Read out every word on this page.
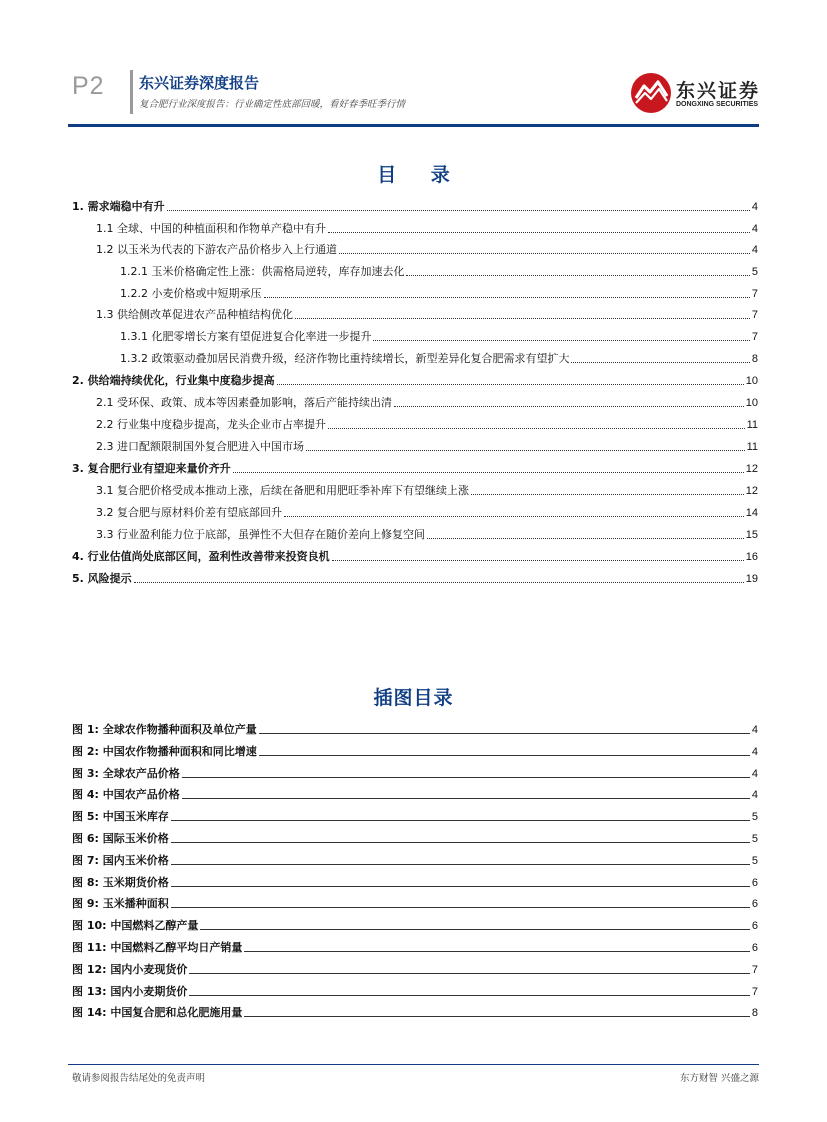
P2 东兴证券深度报告
复合肥行业深度报告：行业确定性底部回暖，看好春季旺季行情
东兴证券
DONGXING SECURITIES
目 录
1. 需求端稳中有升	4
1.1 全球、中国的种植面积和作物单产稳中有升	4
1.2 以玉米为代表的下游农产品价格步入上行通道	4
1.2.1 玉米价格确定性上涨：供需格局逆转，库存加速去化	5
1.2.2 小麦价格或中短期承压	7
1.3 供给侧改革促进农产品种植结构优化	7
1.3.1 化肥零增长方案有望促进复合化率进一步提升	7
1.3.2 政策驱动叠加居民消费升级，经济作物比重持续增长，新型差异化复合肥需求有望扩大	8
2. 供给端持续优化，行业集中度稳步提高	10
2.1 受环保、政策、成本等因素叠加影响，落后产能持续出清	10
2.2 行业集中度稳步提高，龙头企业市占率提升	11
2.3 进口配额限制国外复合肥进入中国市场	11
3. 复合肥行业有望迎来量价齐升	12
3.1 复合肥价格受成本推动上涨，后续在备肥和用肥旺季补库下有望继续上涨	12
3.2 复合肥与原材料价差有望底部回升	14
3.3 行业盈利能力位于底部，虽弹性不大但存在随价差向上修复空间	15
4. 行业估值尚处底部区间，盈利性改善带来投资良机	16
5. 风险提示	19
插图目录
图 1: 全球农作物播种面积及单位产量	4
图 2: 中国农作物播种面积和同比增速	4
图 3: 全球农产品价格	4
图 4: 中国农产品价格	4
图 5: 中国玉米库存	5
图 6: 国际玉米价格	5
图 7: 国内玉米价格	5
图 8: 玉米期货价格	6
图 9: 玉米播种面积	6
图 10: 中国燃料乙醇产量	6
图 11: 中国燃料乙醇平均日产销量	6
图 12: 国内小麦现货价	7
图 13: 国内小麦期货价	7
图 14: 中国复合肥和总化肥施用量	8
敬请参阅报告结尾处的免责声明	东方财智 兴盛之源
